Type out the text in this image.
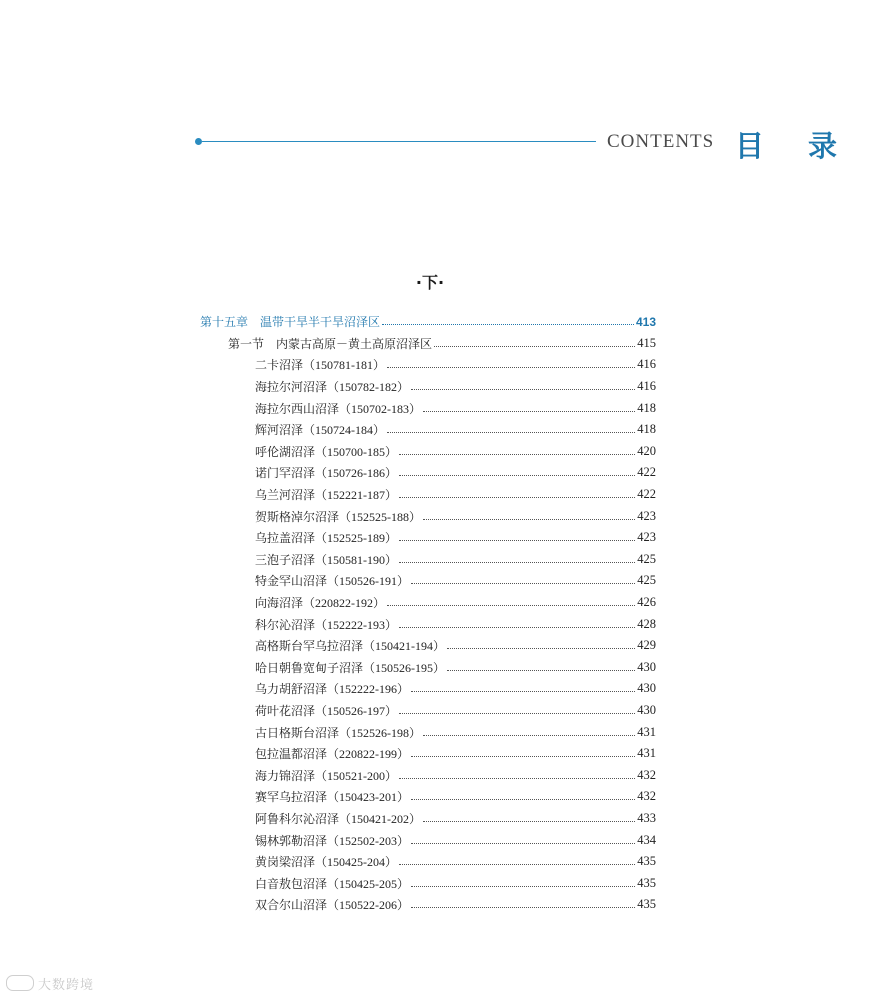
CONTENTS 目录
·下·
第十五章　温带干旱半干旱沼泽区	413
第一节　内蒙古高原－黄土高原沼泽区	415
二卡沼泽（150781-181）	416
海拉尔河沼泽（150782-182）	416
海拉尔西山沼泽（150702-183）	418
辉河沼泽（150724-184）	418
呼伦湖沼泽（150700-185）	420
诺门罕沼泽（150726-186）	422
乌兰河沼泽（152221-187）	422
贺斯格淖尔沼泽（152525-188）	423
乌拉盖沼泽（152525-189）	423
三泡子沼泽（150581-190）	425
特金罕山沼泽（150526-191）	425
向海沼泽（220822-192）	426
科尔沁沼泽（152222-193）	428
高格斯台罕乌拉沼泽（150421-194）	429
哈日朝鲁宽甸子沼泽（150526-195）	430
乌力胡舒沼泽（152222-196）	430
荷叶花沼泽（150526-197）	430
古日格斯台沼泽（152526-198）	431
包拉温都沼泽（220822-199）	431
海力锦沼泽（150521-200）	432
赛罕乌拉沼泽（150423-201）	432
阿鲁科尔沁沼泽（150421-202）	433
锡林郭勒沼泽（152502-203）	434
黄岗梁沼泽（150425-204）	435
白音敖包沼泽（150425-205）	435
双合尔山沼泽（150522-206）	435
大数跨境
